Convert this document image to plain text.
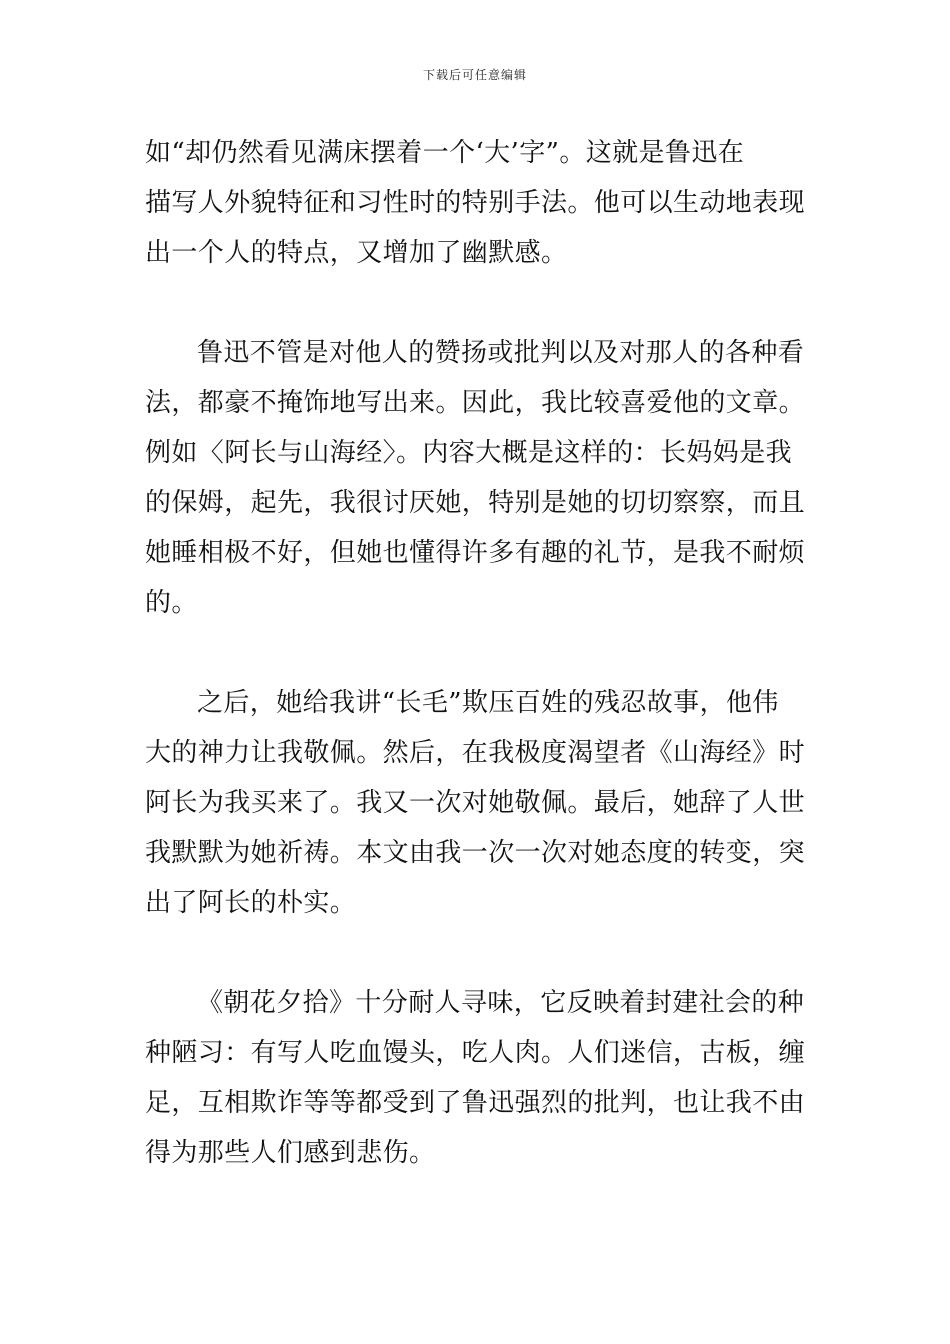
下载后可任意编辑
如“却仍然看见满床摆着一个‘大’字”。这就是鲁迅在
描写人外貌特征和习性时的特别手法。他可以生动地表现
出一个人的特点，又增加了幽默感。
鲁迅不管是对他人的赞扬或批判以及对那人的各种看
法，都豪不掩饰地写出来。因此，我比较喜爱他的文章。
例如〈阿长与山海经〉。内容大概是这样的：长妈妈是我
的保姆，起先，我很讨厌她，特别是她的切切察察，而且
她睡相极不好，但她也懂得许多有趣的礼节，是我不耐烦
的。
之后，她给我讲“长毛”欺压百姓的残忍故事，他伟
大的神力让我敬佩。然后，在我极度渴望者《山海经》时
阿长为我买来了。我又一次对她敬佩。最后，她辞了人世
我默默为她祈祷。本文由我一次一次对她态度的转变，突
出了阿长的朴实。
《朝花夕拾》十分耐人寻味，它反映着封建社会的种
种陋习：有写人吃血馒头，吃人肉。人们迷信，古板，缠
足，互相欺诈等等都受到了鲁迅强烈的批判，也让我不由
得为那些人们感到悲伤。
